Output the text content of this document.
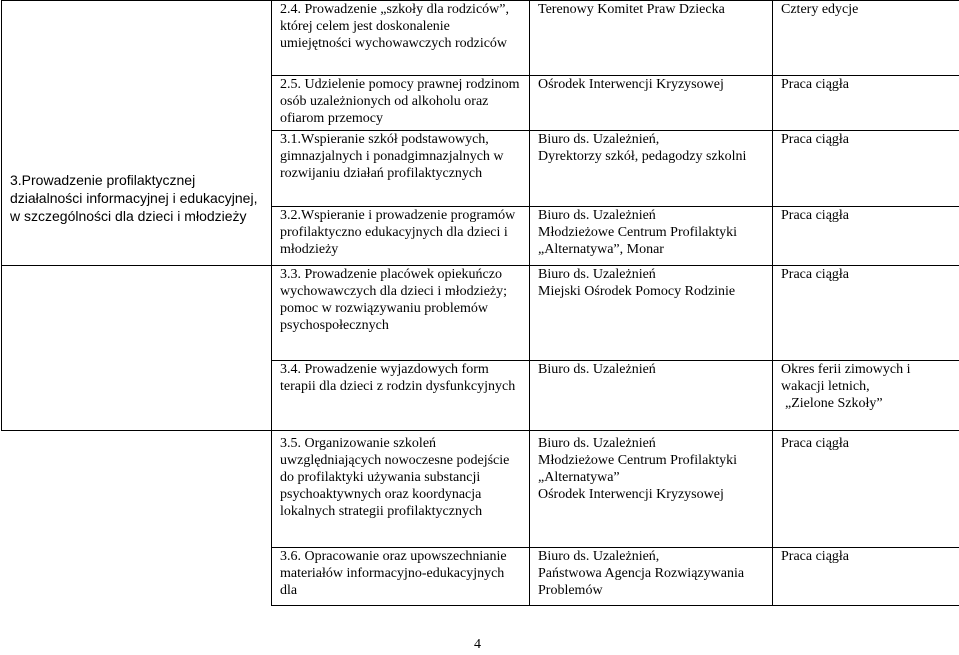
	2.4. Prowadzenie „szkoły dla rodziców”, której celem jest doskonalenie umiejętności wychowawczych rodziców	Terenowy Komitet Praw Dziecka	Cztery edycje
	2.5. Udzielenie pomocy prawnej rodzinom osób uzależnionych od alkoholu oraz ofiarom przemocy	Ośrodek Interwencji Kryzysowej	Praca ciągła
3.Prowadzenie profilaktycznej działalności informacyjnej i edukacyjnej, w szczególności dla dzieci i młodzieży	3.1.Wspieranie szkół podstawowych, gimnazjalnych i ponadgimnazjalnych w rozwijaniu działań profilaktycznych	Biuro ds. Uzależnień,
Dyrektorzy szkół, pedagodzy szkolni	Praca ciągła
	3.2.Wspieranie i prowadzenie programów profilaktyczno edukacyjnych dla dzieci i młodzieży	Biuro ds. Uzależnień
Młodzieżowe Centrum Profilaktyki „Alternatywa”, Monar	Praca ciągła
	3.3. Prowadzenie placówek opiekuńczo wychowawczych dla dzieci i młodzieży; pomoc w rozwiązywaniu problemów psychospołecznych	Biuro ds. Uzależnień
Miejski Ośrodek Pomocy Rodzinie	Praca ciągła
	3.4. Prowadzenie wyjazdowych form terapii dla dzieci z rodzin dysfunkcyjnych	Biuro ds. Uzależnień	Okres ferii zimowych i wakacji letnich,
„Zielone Szkoły”

	3.5. Organizowanie szkoleń uwzględniających nowoczesne podejście do profilaktyki używania substancji psychoaktywnych oraz koordynacja lokalnych strategii profilaktycznych	Biuro ds. Uzależnień
Młodzieżowe Centrum Profilaktyki „Alternatywa”
Ośrodek Interwencji Kryzysowej	Praca ciągła
	3.6. Opracowanie oraz upowszechnianie materiałów informacyjno-edukacyjnych dla	Biuro ds. Uzależnień,
Państwowa Agencja Rozwiązywania Problemów	Praca ciągła
4
